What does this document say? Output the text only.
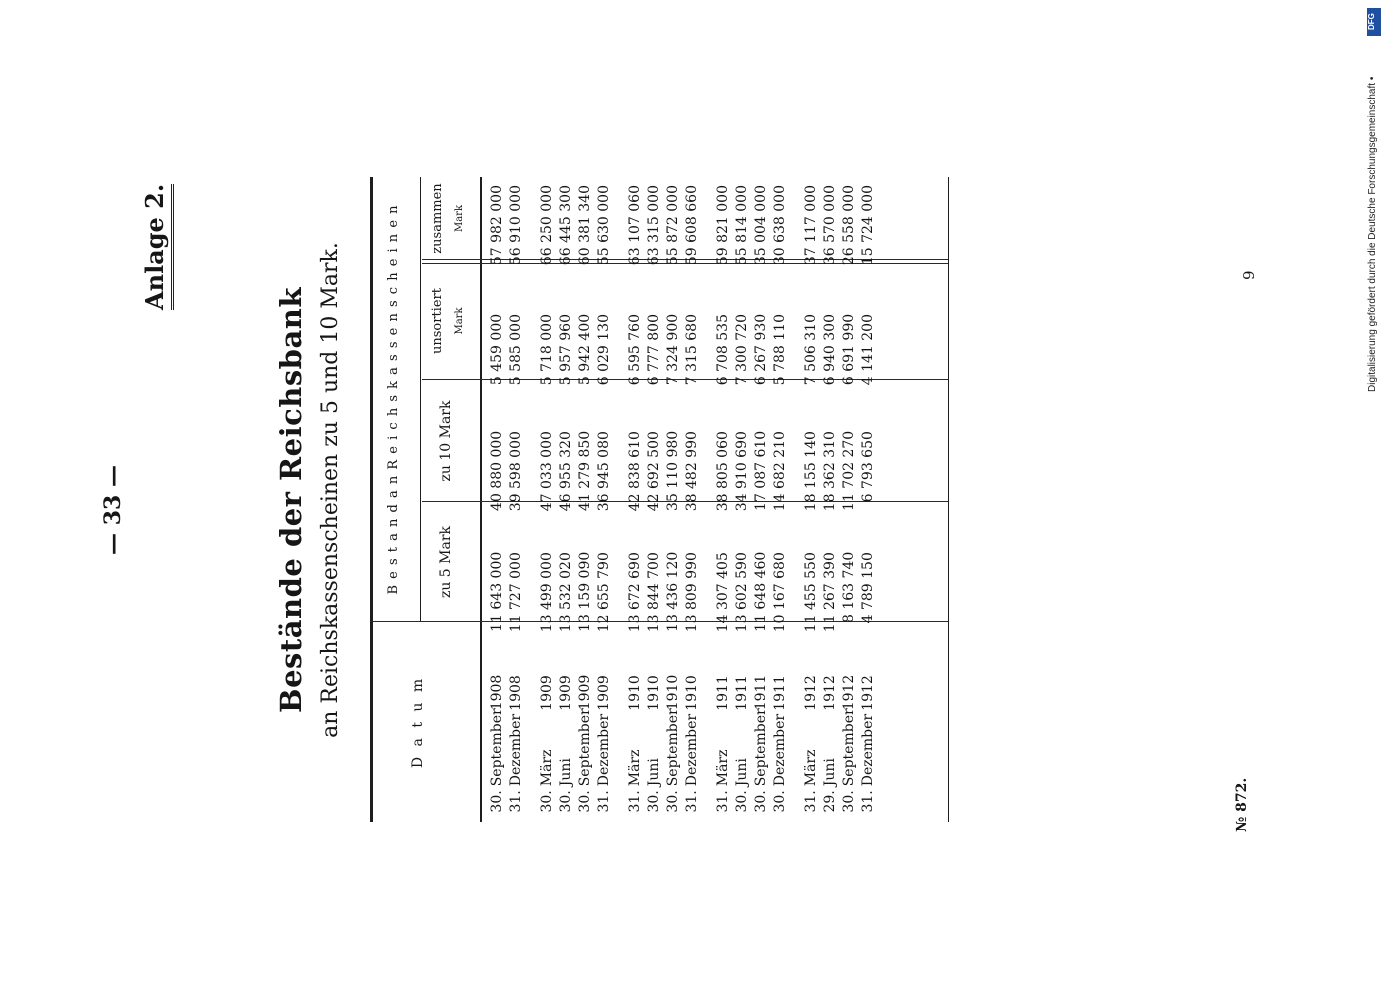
— 33 —
Anlage 2.
Bestände der Reichsbank an Reichskassenscheinen zu 5 und 10 Mark.	D a t u m
B e s t a n d a n R e i c h s k a s s e n s c h e i n e n	zu 5 Mark
zu 10 Mark
unsortiert Mark
zusammen Mark
30.
September
1908
11 643 000
40 880 000
5 459 000
57 982 000
31.
Dezember
1908
11 727 000
39 598 000
5 585 000
56 910 000
30.
März
1909
13 499 000
47 033 000
5 718 000
66 250 000
30.
Juni
1909
13 532 020
46 955 320
5 957 960
66 445 300
30.
September
1909
13 159 090
41 279 850
5 942 400
60 381 340
31.
Dezember
1909
12 655 790
36 945 080
6 029 130
55 630 000
31.
März
1910
13 672 690
42 838 610
6 595 760
63 107 060
30.
Juni
1910
13 844 700
42 692 500
6 777 800
63 315 000
30.
September
1910
13 436 120
35 110 980
7 324 900
55 872 000
31.
Dezember
1910
13 809 990
38 482 990
7 315 680
59 608 660
31.
März
1911
14 307 405
38 805 060
6 708 535
59 821 000
30.
Juni
1911
13 602 590
34 910 690
7 300 720
55 814 000
30.
September
1911
11 648 460
17 087 610
6 267 930
35 004 000
30.
Dezember
1911
10 167 680
14 682 210
5 788 110
30 638 000
31.
März
1912
11 455 550
18 155 140
7 506 310
37 117 000
29.
Juni
1912
11 267 390
18 362 310
6 940 300
36 570 000
30.
September
1912
8 163 740
11 702 270
6 691 990
26 558 000
31.
Dezember
1912
4 789 150
6 793 650
4 141 200
15 724 000
№ 872.
9
DFG
Digitalisierung gefördert durch die Deutsche Forschungsgemeinschaft •
